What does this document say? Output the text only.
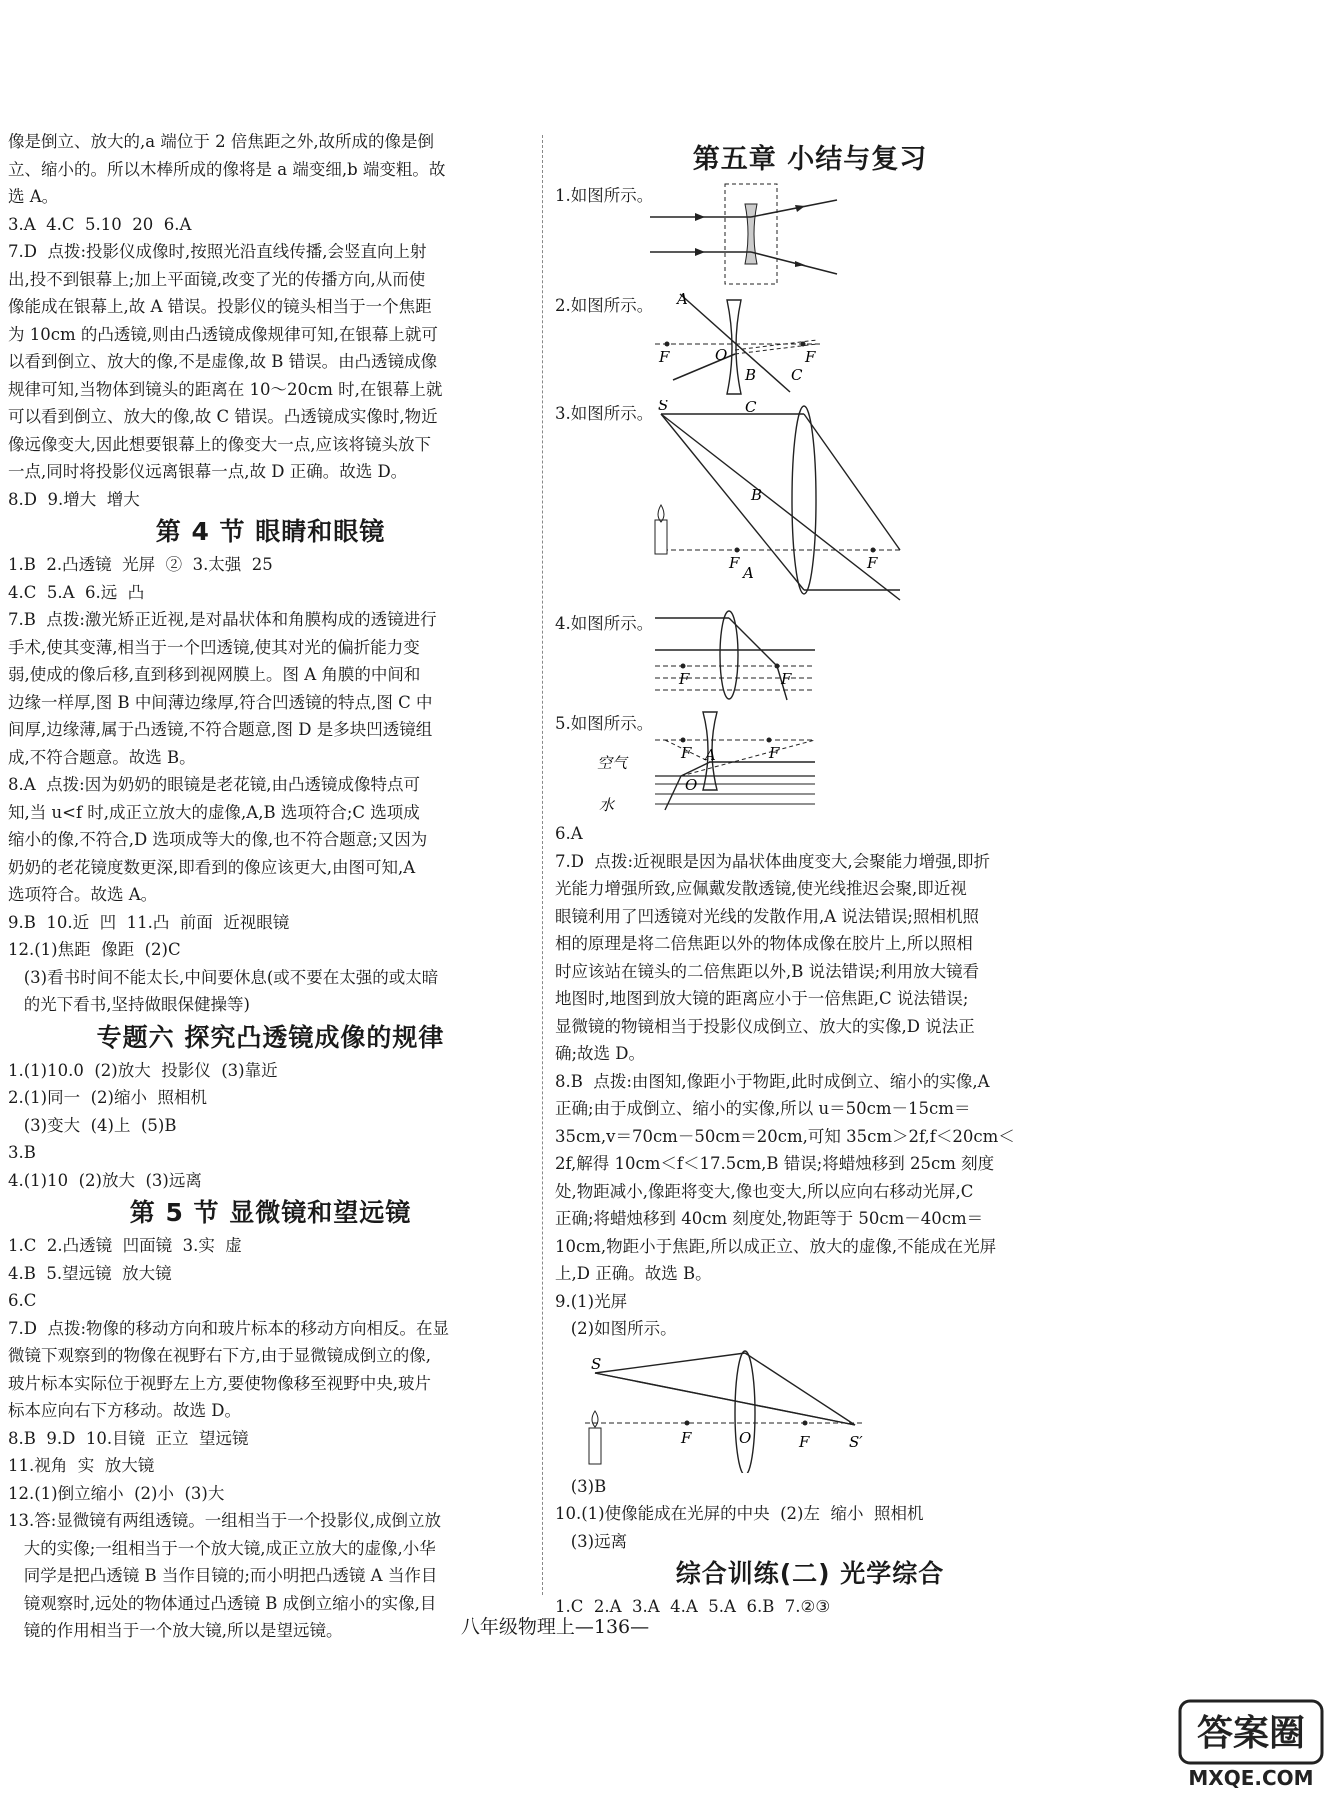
像是倒立、放大的,a 端位于 2 倍焦距之外,故所成的像是倒
立、缩小的。所以木棒所成的像将是 a 端变细,b 端变粗。故
选 A。
3.A  4.C  5.10  20  6.A
7.D  点拨:投影仪成像时,按照光沿直线传播,会竖直向上射
出,投不到银幕上;加上平面镜,改变了光的传播方向,从而使
像能成在银幕上,故 A 错误。投影仪的镜头相当于一个焦距
为 10cm 的凸透镜,则由凸透镜成像规律可知,在银幕上就可
以看到倒立、放大的像,不是虚像,故 B 错误。由凸透镜成像
规律可知,当物体到镜头的距离在 10～20cm 时,在银幕上就
可以看到倒立、放大的像,故 C 错误。凸透镜成实像时,物近
像远像变大,因此想要银幕上的像变大一点,应该将镜头放下
一点,同时将投影仪远离银幕一点,故 D 正确。故选 D。
8.D  9.增大  增大
第 4 节 眼睛和眼镜
1.B  2.凸透镜  光屏  ②  3.太强  25
4.C  5.A  6.远  凸
7.B  点拨:激光矫正近视,是对晶状体和角膜构成的透镜进行
手术,使其变薄,相当于一个凹透镜,使其对光的偏折能力变
弱,使成的像后移,直到移到视网膜上。图 A 角膜的中间和
边缘一样厚,图 B 中间薄边缘厚,符合凹透镜的特点,图 C 中
间厚,边缘薄,属于凸透镜,不符合题意,图 D 是多块凹透镜组
成,不符合题意。故选 B。
8.A  点拨:因为奶奶的眼镜是老花镜,由凸透镜成像特点可
知,当 u<f 时,成正立放大的虚像,A,B 选项符合;C 选项成
缩小的像,不符合,D 选项成等大的像,也不符合题意;又因为
奶奶的老花镜度数更深,即看到的像应该更大,由图可知,A
选项符合。故选 A。
9.B  10.近  凹  11.凸  前面  近视眼镜
12.(1)焦距  像距  (2)C
(3)看书时间不能太长,中间要休息(或不要在太强的或太暗
的光下看书,坚持做眼保健操等)
专题六 探究凸透镜成像的规律
1.(1)10.0  (2)放大  投影仪  (3)靠近
2.(1)同一  (2)缩小  照相机
(3)变大  (4)上  (5)B
3.B
4.(1)10  (2)放大  (3)远离
第 5 节 显微镜和望远镜
1.C  2.凸透镜  凹面镜  3.实  虚
4.B  5.望远镜  放大镜
6.C
7.D  点拨:物像的移动方向和玻片标本的移动方向相反。在显
微镜下观察到的物像在视野右下方,由于显微镜成倒立的像,
玻片标本实际位于视野左上方,要使物像移至视野中央,玻片
标本应向右下方移动。故选 D。
8.B  9.D  10.目镜  正立  望远镜
11.视角  实  放大镜
12.(1)倒立缩小  (2)小  (3)大
13.答:显微镜有两组透镜。一组相当于一个投影仪,成倒立放
大的实像;一组相当于一个放大镜,成正立放大的虚像,小华
同学是把凸透镜 B 当作目镜的;而小明把凸透镜 A 当作目
镜观察时,远处的物体通过凸透镜 B 成倒立缩小的实像,目
镜的作用相当于一个放大镜,所以是望远镜。
第五章 小结与复习
1.如图所示。
2.如图所示。 A
F	O	F
B C
3.如图所示。 S	C
B
F
A
F
4.如图所示。
F	F
5.如图所示。
空气
F A	F
O
水
6.A
7.D  点拨:近视眼是因为晶状体曲度变大,会聚能力增强,即折
光能力增强所致,应佩戴发散透镜,使光线推迟会聚,即近视
眼镜利用了凹透镜对光线的发散作用,A 说法错误;照相机照
相的原理是将二倍焦距以外的物体成像在胶片上,所以照相
时应该站在镜头的二倍焦距以外,B 说法错误;利用放大镜看
地图时,地图到放大镜的距离应小于一倍焦距,C 说法错误;
显微镜的物镜相当于投影仪成倒立、放大的实像,D 说法正
确;故选 D。
8.B  点拨:由图知,像距小于物距,此时成倒立、缩小的实像,A
正确;由于成倒立、缩小的实像,所以 u＝50cm－15cm＝
35cm,v＝70cm－50cm＝20cm,可知 35cm＞2f,f＜20cm＜
2f,解得 10cm＜f＜17.5cm,B 错误;将蜡烛移到 25cm 刻度
处,物距减小,像距将变大,像也变大,所以应向右移动光屏,C
正确;将蜡烛移到 40cm 刻度处,物距等于 50cm－40cm＝
10cm,物距小于焦距,所以成正立、放大的虚像,不能成在光屏
上,D 正确。故选 B。
9.(1)光屏
(2)如图所示。
S
F	O	F	S′
(3)B
10.(1)使像能成在光屏的中央  (2)左  缩小  照相机
(3)远离
综合训练(二) 光学综合
1.C  2.A  3.A  4.A  5.A  6.B  7.②③
八年级物理上—136—
答案圈
MXQE.COM
